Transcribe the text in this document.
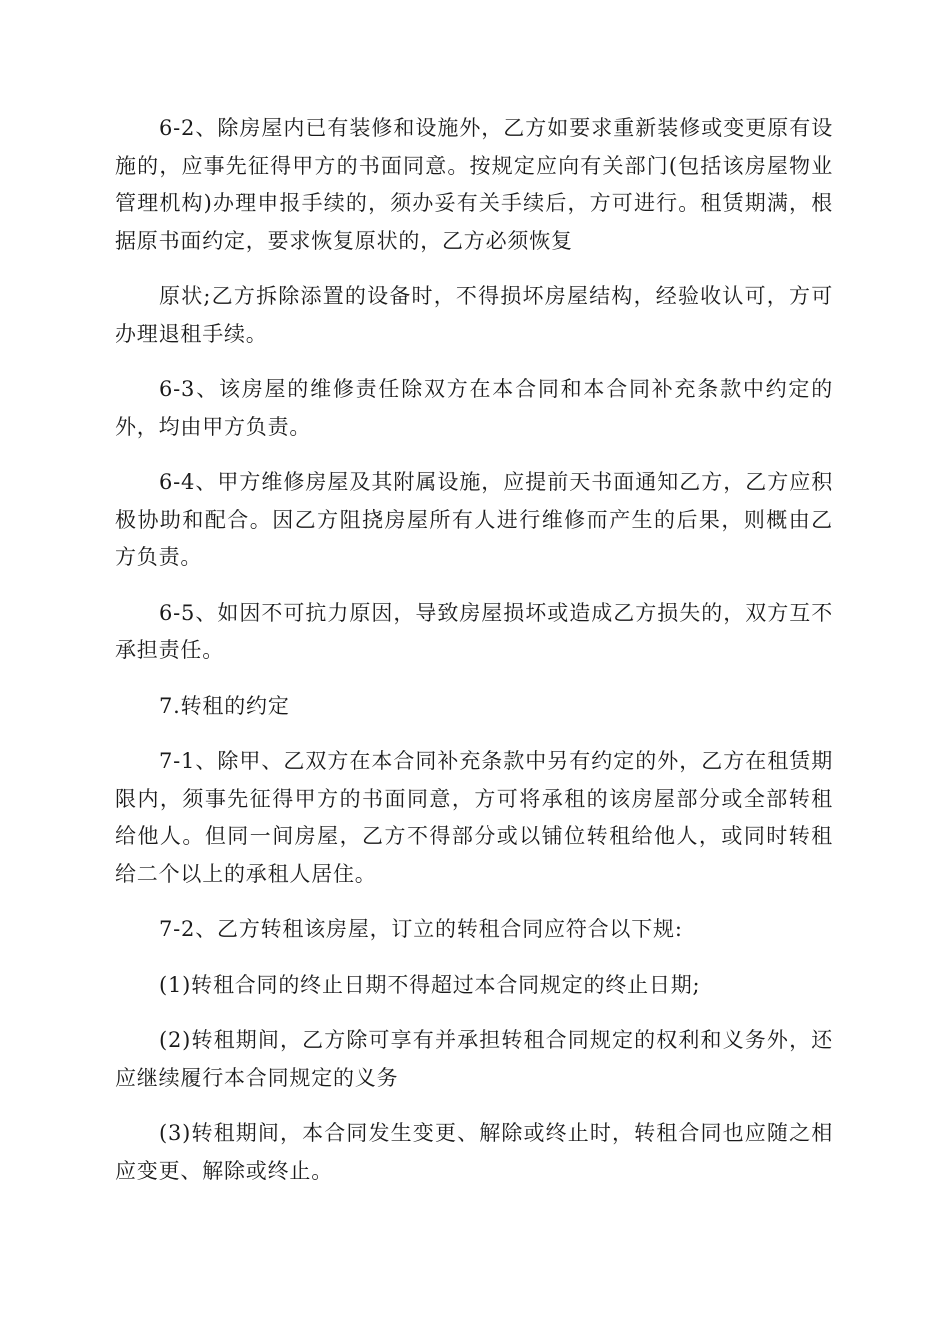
6-2、除房屋内已有装修和设施外，乙方如要求重新装修或变更原有设施的，应事先征得甲方的书面同意。按规定应向有关部门(包括该房屋物业管理机构)办理申报手续的，须办妥有关手续后，方可进行。租赁期满，根据原书面约定，要求恢复原状的，乙方必须恢复

原状;乙方拆除添置的设备时，不得损坏房屋结构，经验收认可，方可办理退租手续。

6-3、该房屋的维修责任除双方在本合同和本合同补充条款中约定的外，均由甲方负责。

6-4、甲方维修房屋及其附属设施，应提前天书面通知乙方，乙方应积极协助和配合。因乙方阻挠房屋所有人进行维修而产生的后果，则概由乙方负责。

6-5、如因不可抗力原因，导致房屋损坏或造成乙方损失的，双方互不承担责任。

7.转租的约定

7-1、除甲、乙双方在本合同补充条款中另有约定的外，乙方在租赁期限内，须事先征得甲方的书面同意，方可将承租的该房屋部分或全部转租给他人。但同一间房屋，乙方不得部分或以铺位转租给他人，或同时转租给二个以上的承租人居住。

7-2、乙方转租该房屋，订立的转租合同应符合以下规:

(1)转租合同的终止日期不得超过本合同规定的终止日期;

(2)转租期间，乙方除可享有并承担转租合同规定的权利和义务外，还应继续履行本合同规定的义务

(3)转租期间，本合同发生变更、解除或终止时，转租合同也应随之相应变更、解除或终止。
